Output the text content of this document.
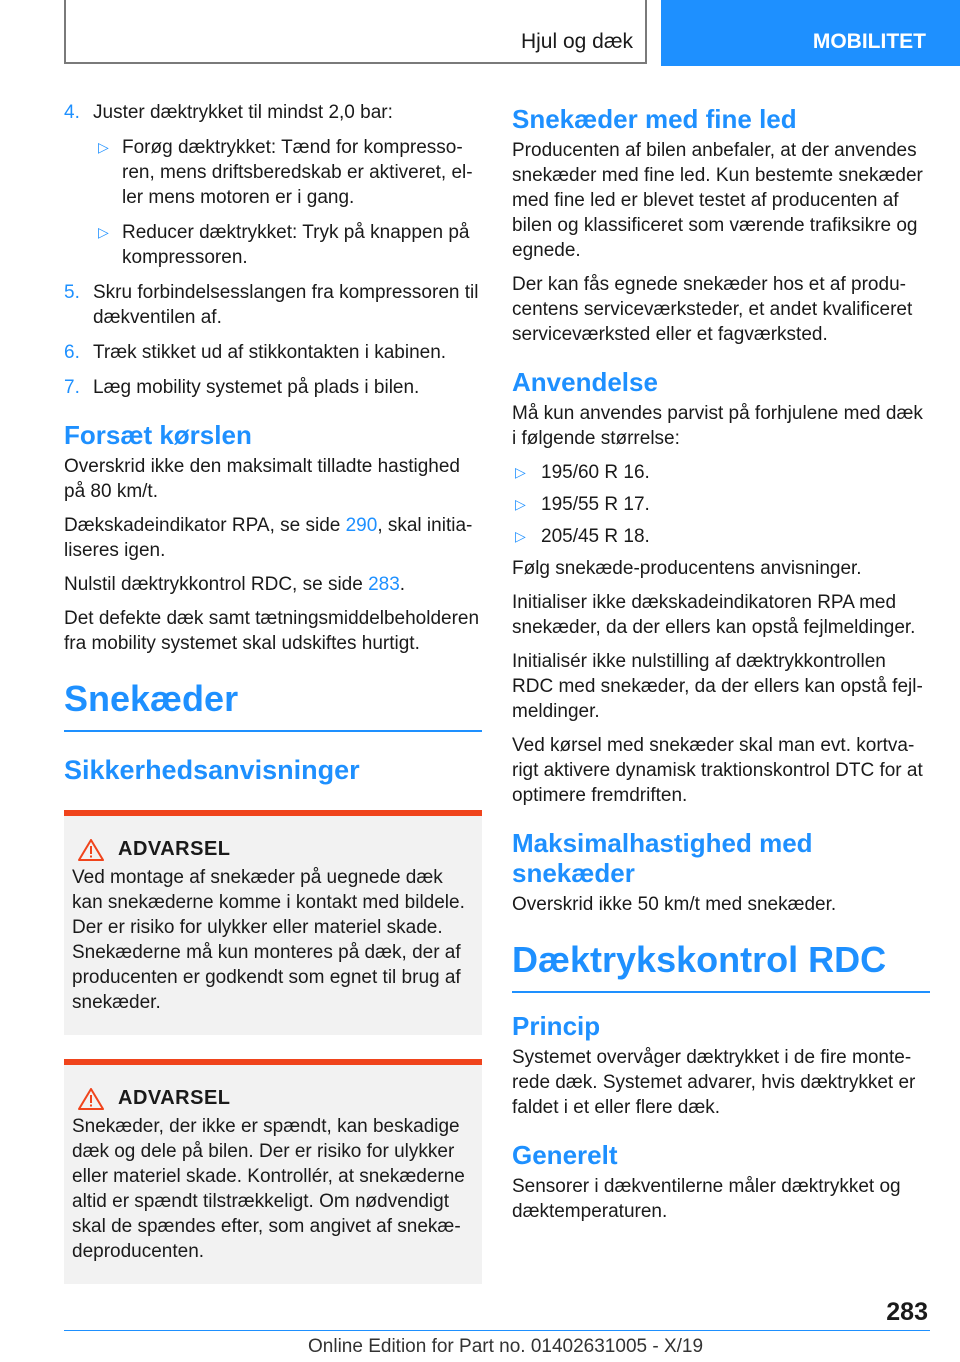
Hjul og dæk	MOBILITET
4. Juster dæktrykket til mindst 2,0 bar:
▷ Forøg dæktrykket: Tænd for kompressoren, mens driftsberedskab er aktiveret, eller mens motoren er i gang.
▷ Reducer dæktrykket: Tryk på knappen på kompressoren.
5. Skru forbindelsesslangen fra kompressoren til dækventilen af.
6. Træk stikket ud af stikkontakten i kabinen.
7. Læg mobility systemet på plads i bilen.
Forsæt kørslen

Overskrid ikke den maksimalt tilladte hastighed på 80 km/t.

Dækskadeindikator RPA, se side 290, skal initialiseres igen.

Nulstil dæktrykkontrol RDC, se side 283.

Det defekte dæk samt tætningsmiddelbeholderen fra mobility systemet skal udskiftes hurtigt.

Snekæder
Sikkerhedsanvisninger
ADVARSEL

Ved montage af snekæder på uegnede dæk kan snekæderne komme i kontakt med bildele. Der er risiko for ulykker eller materiel skade. Snekæderne må kun monteres på dæk, der af producenten er godkendt som egnet til brug af snekæder.

ADVARSEL

Snekæder, der ikke er spændt, kan beskadige dæk og dele på bilen. Der er risiko for ulykker eller materiel skade. Kontrollér, at snekæderne altid er spændt tilstrækkeligt. Om nødvendigt skal de spændes efter, som angivet af snekædeproducenten.

Snekæder med fine led

Producenten af bilen anbefaler, at der anvendes snekæder med fine led. Kun bestemte snekæder med fine led er blevet testet af producenten af bilen og klassificeret som værende trafiksikre og egnede.

Der kan fås egnede snekæder hos et af producentens serviceværksteder, et andet kvalificeret serviceværksted eller et fagværksted.

Anvendelse

Må kun anvendes parvist på forhjulene med dæk i følgende størrelse:

▷ 195/60 R 16.
▷ 195/55 R 17.
▷ 205/45 R 18.

Følg snekæde-producentens anvisninger.

Initialiser ikke dækskadeindikatoren RPA med snekæder, da der ellers kan opstå fejlmeldinger.

Initialisér ikke nulstilling af dæktrykkontrollen RDC med snekæder, da der ellers kan opstå fejlmeldinger.

Ved kørsel med snekæder skal man evt. kortvarigt aktivere dynamisk traktionskontrol DTC for at optimere fremdriften.

Maksimalhastighed med snekæder

Overskrid ikke 50 km/t med snekæder.

Dæktrykskontrol RDC
Princip

Systemet overvåger dæktrykket i de fire monterede dæk. Systemet advarer, hvis dæktrykket er faldet i et eller flere dæk.

Generelt

Sensorer i dækventilerne måler dæktrykket og dæktemperaturen.

283
Online Edition for Part no. 01402631005 - X/19
